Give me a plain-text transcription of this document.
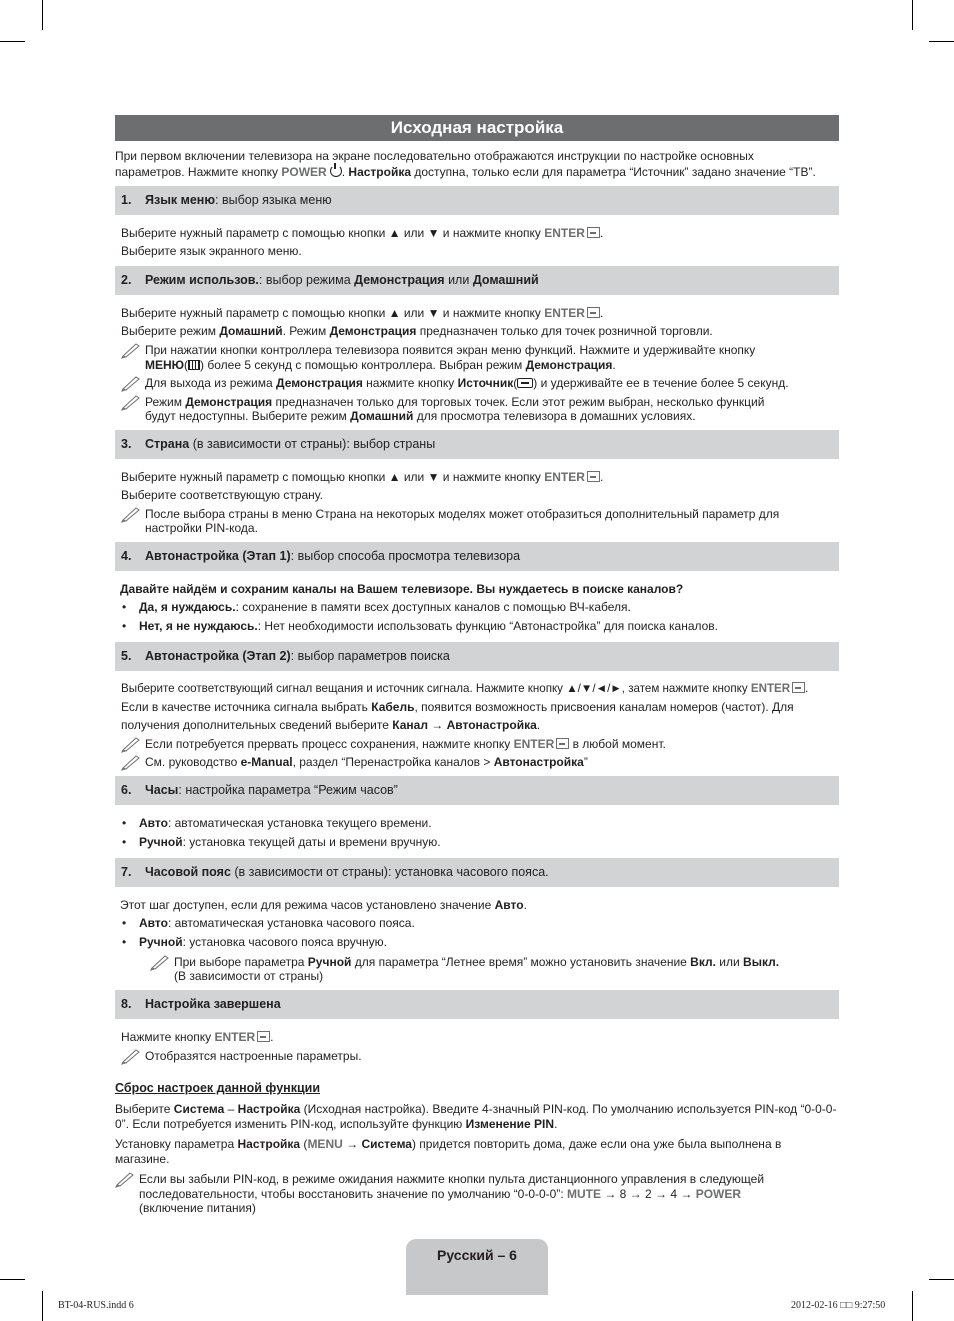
Исходная настройка
При первом включении телевизора на экране последовательно отображаются инструкции по настройке основных
параметров. Нажмите кнопку POWER . Настройка доступна, только если для параметра “Источник” задано значение “ТВ”.
1. Язык меню: выбор языка меню
Выберите нужный параметр с помощью кнопки ▲ или ▼ и нажмите кнопку ENTER .
Выберите язык экранного меню.
2. Режим использов.: выбор режима Демонстрация или Домашний
Выберите нужный параметр с помощью кнопки ▲ или ▼ и нажмите кнопку ENTER .
Выберите режим Домашний. Режим Демонстрация предназначен только для точек розничной торговли.
При нажатии кнопки контроллера телевизора появится экран меню функций. Нажмите и удерживайте кнопку
МЕНЮ( ) более 5 секунд с помощью контроллера. Выбран режим Демонстрация.
Для выхода из режима Демонстрация нажмите кнопку Источник( ) и удерживайте ее в течение более 5 секунд.
Режим Демонстрация предназначен только для торговых точек. Если этот режим выбран, несколько функций
будут недоступны. Выберите режим Домашний для просмотра телевизора в домашних условиях.
3. Страна (в зависимости от страны): выбор страны
Выберите нужный параметр с помощью кнопки ▲ или ▼ и нажмите кнопку ENTER .
Выберите соответствующую страну.
После выбора страны в меню Страна на некоторых моделях может отобразиться дополнительный параметр для
настройки PIN-кода.
4. Автонастройка (Этап 1): выбор способа просмотра телевизора
Давайте найдём и сохраним каналы на Вашем телевизоре. Вы нуждаетесь в поиске каналов?
• Да, я нуждаюсь.: сохранение в памяти всех доступных каналов с помощью ВЧ-кабеля.
• Нет, я не нуждаюсь.: Нет необходимости использовать функцию “Автонастройка” для поиска каналов.
5. Автонастройка (Этап 2): выбор параметров поиска
Выберите соответствующий сигнал вещания и источник сигнала. Нажмите кнопку ▲/▼/◄/►, затем нажмите кнопку ENTER .
Если в качестве источника сигнала выбрать Кабель, появится возможность присвоения каналам номеров (частот). Для
получения дополнительных сведений выберите Канал → Автонастройка.
Если потребуется прервать процесс сохранения, нажмите кнопку ENTER в любой момент.
См. руководство e-Manual, раздел “Перенастройка каналов > Автонастройка”
6. Часы: настройка параметра “Режим часов”
• Авто: автоматическая установка текущего времени.
• Ручной: установка текущей даты и времени вручную.
7. Часовой пояс (в зависимости от страны): установка часового пояса.
Этот шаг доступен, если для режима часов установлено значение Авто.
• Авто: автоматическая установка часового пояса.
• Ручной: установка часового пояса вручную.
При выборе параметра Ручной для параметра “Летнее время” можно установить значение Вкл. или Выкл.
(В зависимости от страны)
8. Настройка завершена
Нажмите кнопку ENTER .
Отобразятся настроенные параметры.
Сброс настроек данной функции
Выберите Система – Настройка (Исходная настройка). Введите 4-значный PIN-код. По умолчанию используется PIN-код “0-0-0-
0”. Если потребуется изменить PIN-код, используйте функцию Изменение PIN.
Установку параметра Настройка (MENU → Система) придется повторить дома, даже если она уже была выполнена в магазине.
Если вы забыли PIN-код, в режиме ожидания нажмите кнопки пульта дистанционного управления в следующей
последовательности, чтобы восстановить значение по умолчанию “0-0-0-0”: MUTE → 8 → 2 → 4 → POWER
(включение питания)
Русский – 6
BT-04-RUS.indd 6	2012-02-16 □□ 9:27:50
